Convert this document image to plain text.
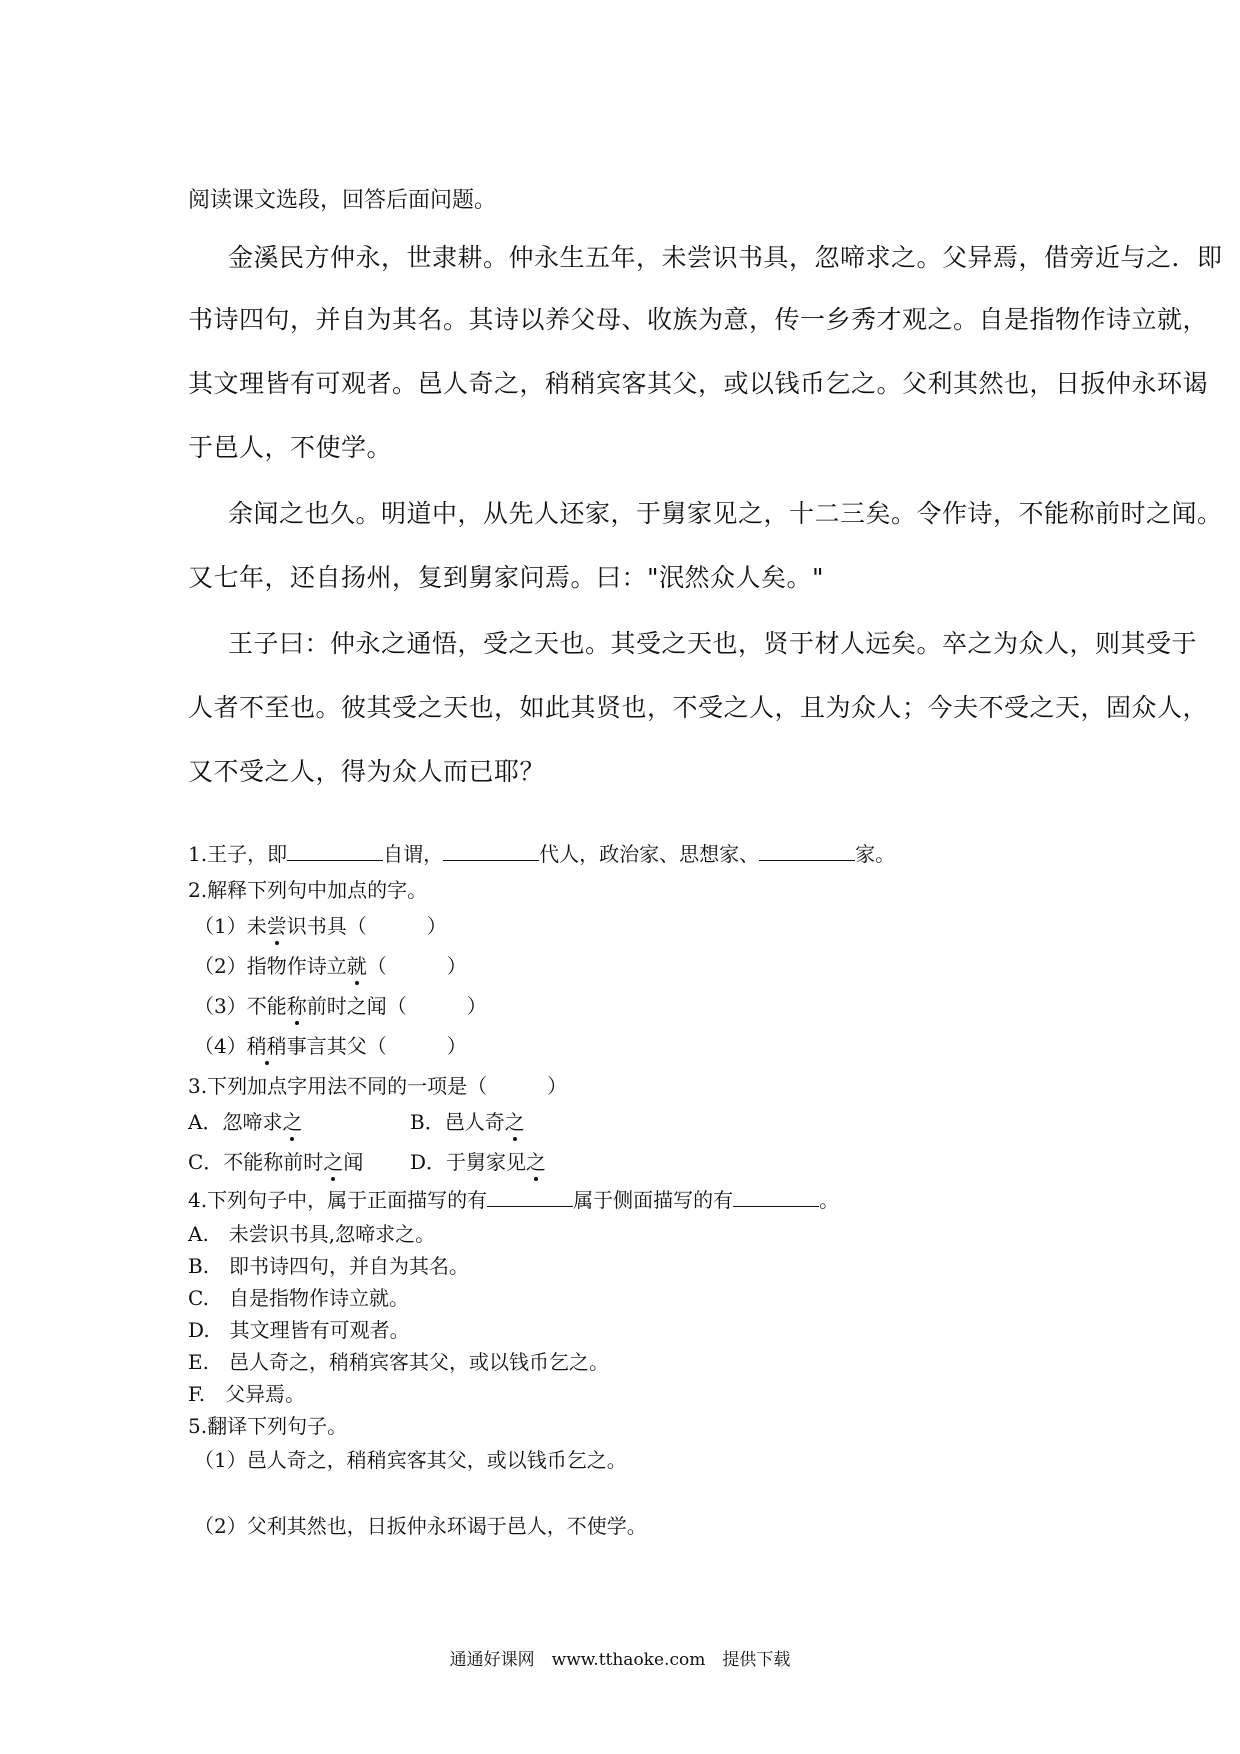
阅读课文选段，回答后面问题。
金溪民方仲永，世隶耕。仲永生五年，未尝识书具，忽啼求之。父异焉，借旁近与之．即
书诗四句，并自为其名。其诗以养父母、收族为意，传一乡秀才观之。自是指物作诗立就，
其文理皆有可观者。邑人奇之，稍稍宾客其父，或以钱币乞之。父利其然也，日扳仲永环谒
于邑人，不使学。
余闻之也久。明道中，从先人还家，于舅家见之，十二三矣。令作诗，不能称前时之闻。
又七年，还自扬州，复到舅家问焉。曰："泯然众人矣。"
王子曰：仲永之通悟，受之天也。其受之天也，贤于材人远矣。卒之为众人，则其受于
人者不至也。彼其受之天也，如此其贤也，不受之人，且为众人；今夫不受之天，固众人，
又不受之人，得为众人而已耶？
1.王子，即	自谓，	代人，政治家、思想家、	家。
2.解释下列句中加点的字。
（1）未尝识书具（　　　）
（2）指物作诗立就（　　　）
（3）不能称前时之闻（　　　）
（4）稍稍事言其父（　　　）
3.下列加点字用法不同的一项是（　　　）
A．忽啼求之	B．邑人奇之
C．不能称前时之闻 D．于舅家见之
4.下列句子中，属于正面描写的有	属于侧面描写的有	。
A.　未尝识书具,忽啼求之。
B.　即书诗四句，并自为其名。
C.　自是指物作诗立就。
D.　其文理皆有可观者。
E.　邑人奇之，稍稍宾客其父，或以钱币乞之。
F.　父异焉。
5.翻译下列句子。
（1）邑人奇之，稍稍宾客其父，或以钱币乞之。
（2）父利其然也，日扳仲永环谒于邑人，不使学。
通通好课网　www.tthaoke.com　提供下载
